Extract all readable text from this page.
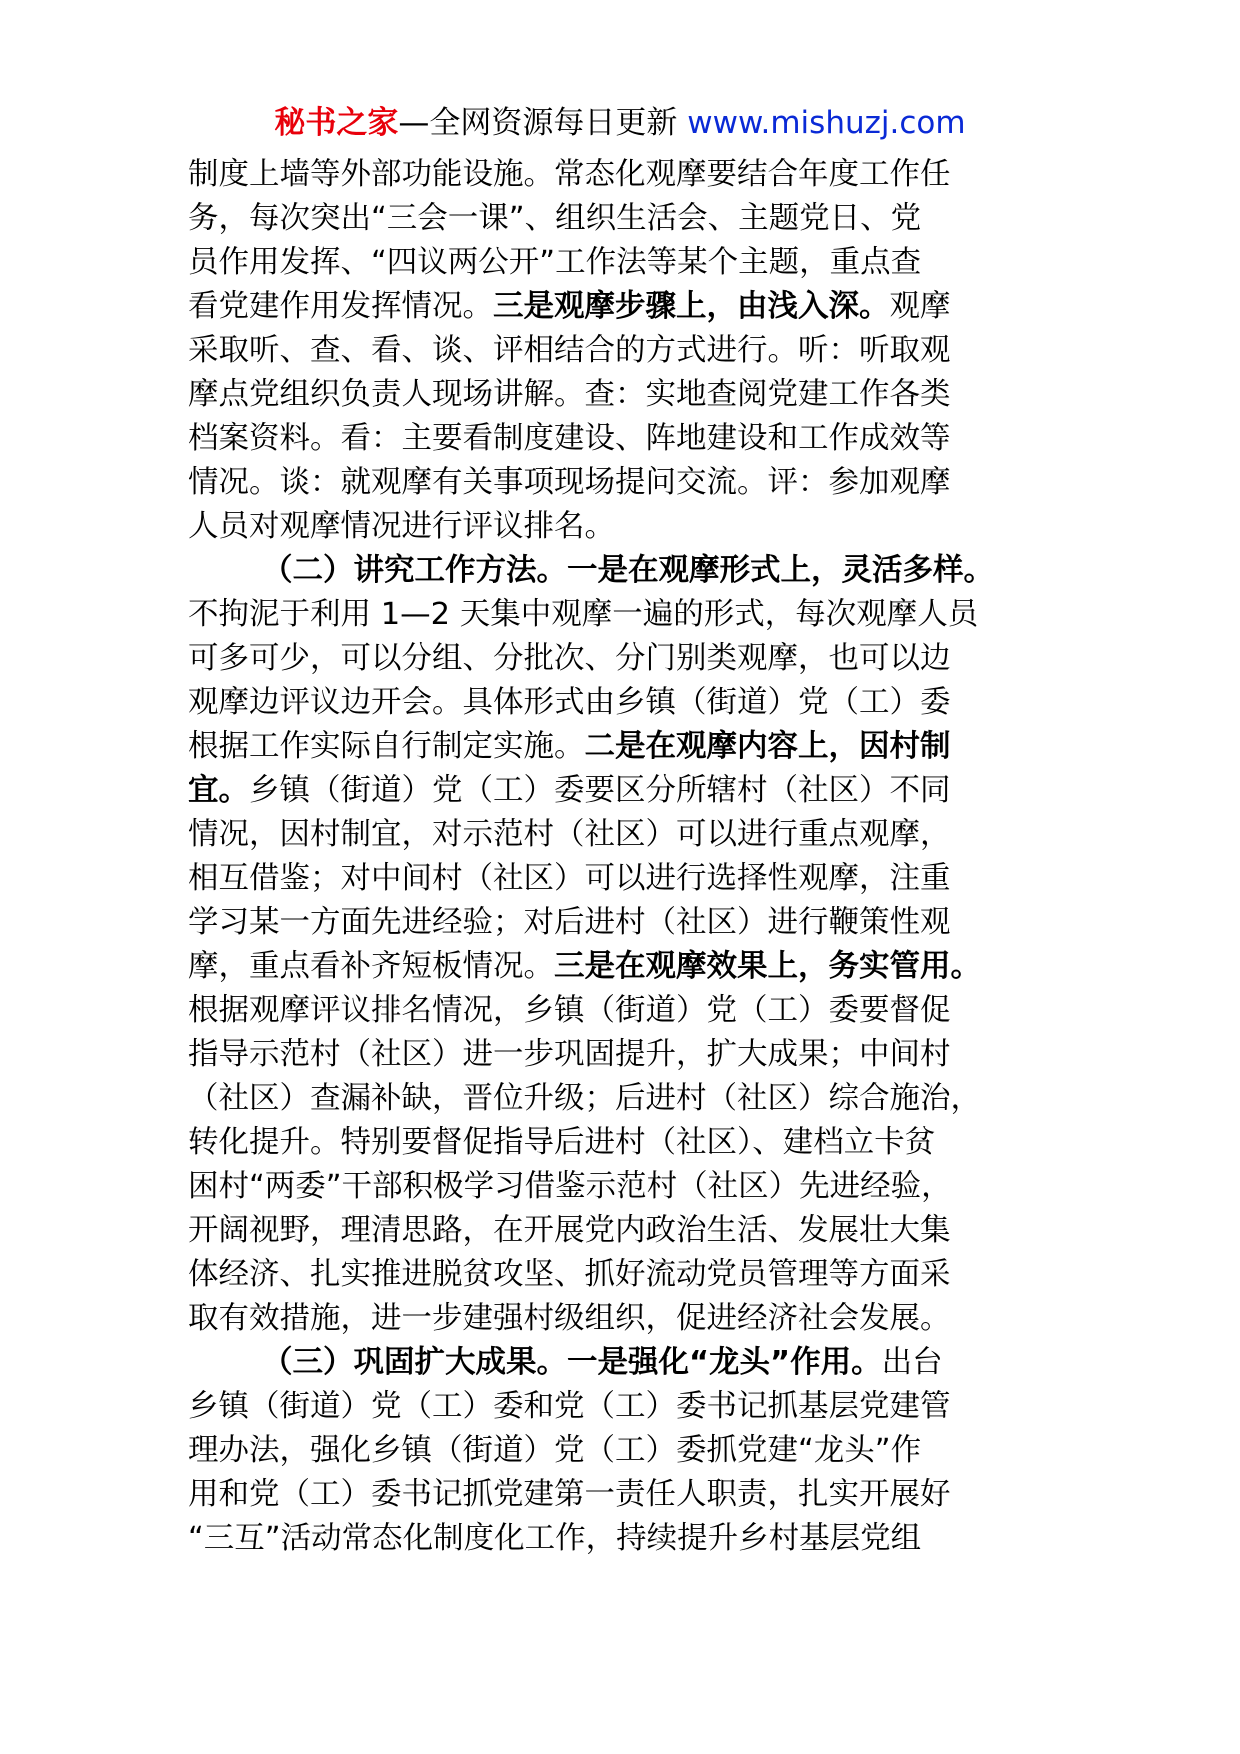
秘书之家—全网资源每日更新 www.mishuzj.com
制度上墙等外部功能设施。常态化观摩要结合年度工作任
务，每次突出“三会一课”、组织生活会、主题党日、党
员作用发挥、“四议两公开”工作法等某个主题，重点查
看党建作用发挥情况。三是观摩步骤上，由浅入深。观摩
采取听、查、看、谈、评相结合的方式进行。听：听取观
摩点党组织负责人现场讲解。查：实地查阅党建工作各类
档案资料。看：主要看制度建设、阵地建设和工作成效等
情况。谈：就观摩有关事项现场提问交流。评：参加观摩
人员对观摩情况进行评议排名。
（二）讲究工作方法。一是在观摩形式上，灵活多样。
不拘泥于利用 1—2 天集中观摩一遍的形式，每次观摩人员
可多可少，可以分组、分批次、分门别类观摩，也可以边
观摩边评议边开会。具体形式由乡镇（街道）党（工）委
根据工作实际自行制定实施。二是在观摩内容上，因村制
宜。乡镇（街道）党（工）委要区分所辖村（社区）不同
情况，因村制宜，对示范村（社区）可以进行重点观摩，
相互借鉴；对中间村（社区）可以进行选择性观摩，注重
学习某一方面先进经验；对后进村（社区）进行鞭策性观
摩，重点看补齐短板情况。三是在观摩效果上，务实管用。
根据观摩评议排名情况，乡镇（街道）党（工）委要督促
指导示范村（社区）进一步巩固提升，扩大成果；中间村
（社区）查漏补缺，晋位升级；后进村（社区）综合施治，
转化提升。特别要督促指导后进村（社区）、建档立卡贫
困村“两委”干部积极学习借鉴示范村（社区）先进经验，
开阔视野，理清思路，在开展党内政治生活、发展壮大集
体经济、扎实推进脱贫攻坚、抓好流动党员管理等方面采
取有效措施，进一步建强村级组织，促进经济社会发展。
（三）巩固扩大成果。一是强化“龙头”作用。出台
乡镇（街道）党（工）委和党（工）委书记抓基层党建管
理办法，强化乡镇（街道）党（工）委抓党建“龙头”作
用和党（工）委书记抓党建第一责任人职责，扎实开展好
“三互”活动常态化制度化工作，持续提升乡村基层党组
